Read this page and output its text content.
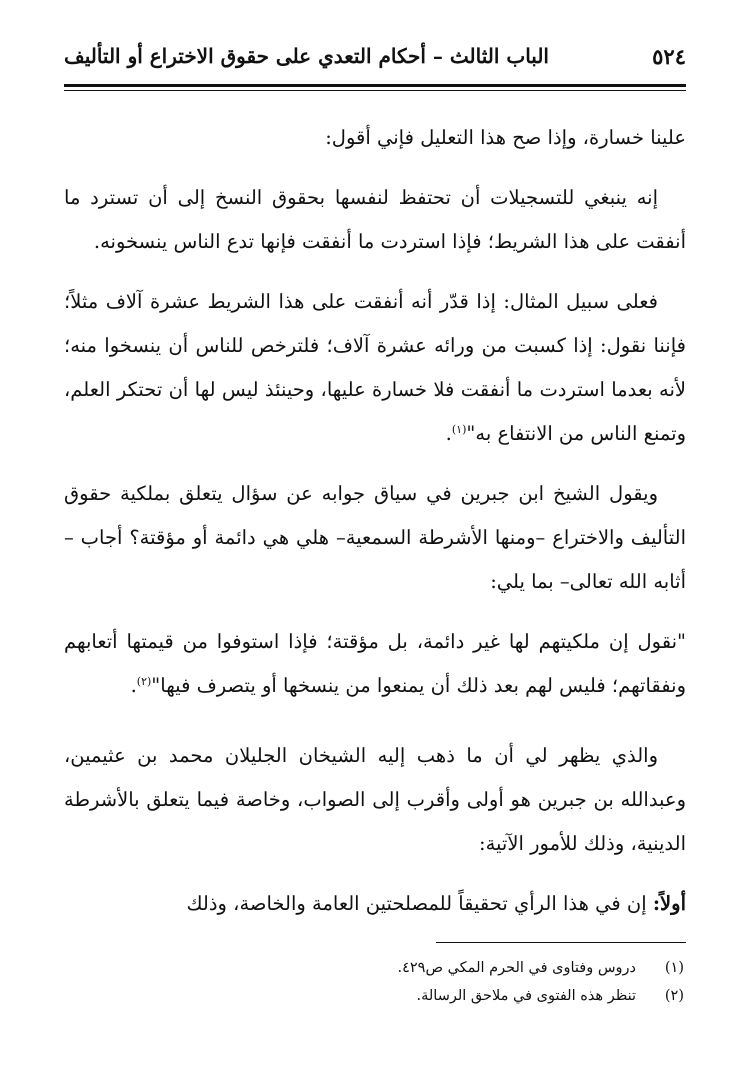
٥٢٤
الباب الثالث – أحكام التعدي على حقوق الاختراع أو التأليف

علينا خسارة، وإذا صح هذا التعليل فإني أقول:

إنه ينبغي للتسجيلات أن تحتفظ لنفسها بحقوق النسخ إلى أن تسترد ما أنفقت على هذا الشريط؛ فإذا استردت ما أنفقت فإنها تدع الناس ينسخونه.

فعلى سبيل المثال: إذا قدّر أنه أنفقت على هذا الشريط عشرة آلاف مثلاً؛ فإننا نقول: إذا كسبت من ورائه عشرة آلاف؛ فلترخص للناس أن ينسخوا منه؛ لأنه بعدما استردت ما أنفقت فلا خسارة عليها، وحينئذ ليس لها أن تحتكر العلم، وتمنع الناس من الانتفاع به"$^{(١)}$.

ويقول الشيخ ابن جبرين في سياق جوابه عن سؤال يتعلق بملكية حقوق التأليف والاختراع –ومنها الأشرطة السمعية– هلي هي دائمة أو مؤقتة؟ أجاب – أثابه الله تعالى– بما يلي:

"نقول إن ملكيتهم لها غير دائمة، بل مؤقتة؛ فإذا استوفوا من قيمتها أتعابهم ونفقاتهم؛ فليس لهم بعد ذلك أن يمنعوا من ينسخها أو يتصرف فيها"$^{(٢)}$.

والذي يظهر لي أن ما ذهب إليه الشيخان الجليلان محمد بن عثيمين، وعبدالله بن جبرين هو أولى وأقرب إلى الصواب، وخاصة فيما يتعلق بالأشرطة الدينية، وذلك للأمور الآتية:

أولاً: إن في هذا الرأي تحقيقاً للمصلحتين العامة والخاصة، وذلك

(١)
دروس وفتاوى في الحرم المكي ص٤٢٩.
(٢)
تنظر هذه الفتوى في ملاحق الرسالة.
